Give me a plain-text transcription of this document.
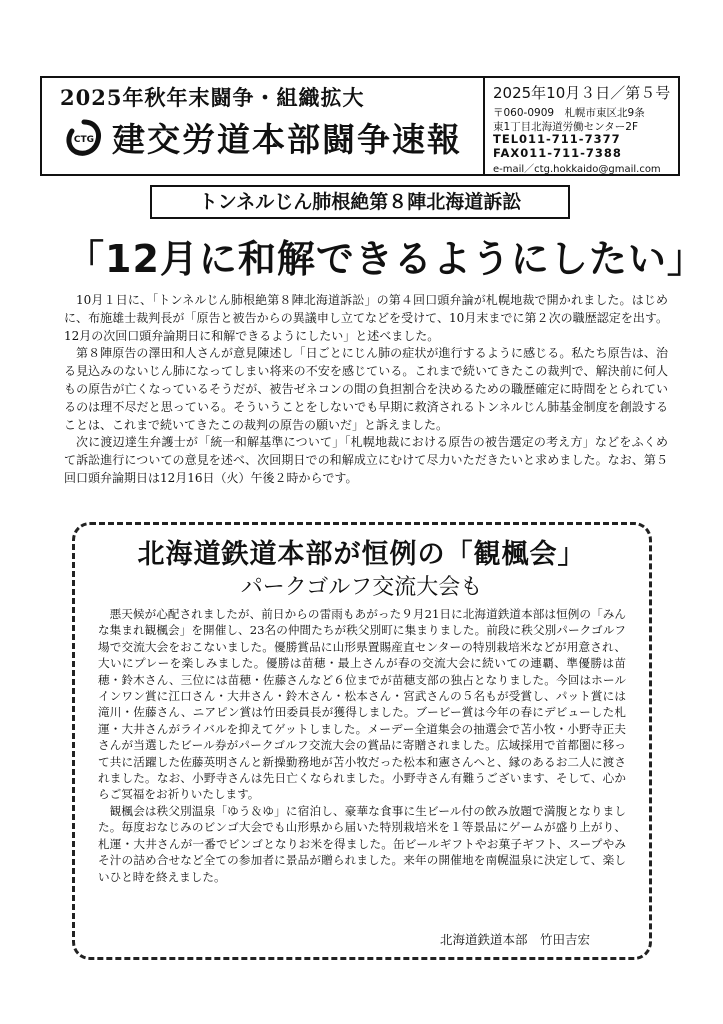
2025年秋年末闘争・組織拡大
CTG 建交労道本部闘争速報
2025年10月３日／第５号
〒060-0909　札幌市東区北9条
東1丁目北海道労働センター2F
TEL011-711-7377
FAX011-711-7388
e-mail／ctg.hokkaido@gmail.com
トンネルじん肺根絶第８陣北海道訴訟
「12月に和解できるようにしたい」

10月１日に、「トンネルじん肺根絶第８陣北海道訴訟」の第４回口頭弁論が札幌地裁で開かれました。はじめに、布施雄士裁判長が「原告と被告からの異議申し立てなどを受けて、10月末までに第２次の職歴認定を出す。12月の次回口頭弁論期日に和解できるようにしたい」と述べました。

第８陣原告の澤田和人さんが意見陳述し「日ごとにじん肺の症状が進行するように感じる。私たち原告は、治る見込みのないじん肺になってしまい将来の不安を感じている。これまで続いてきたこの裁判で、解決前に何人もの原告が亡くなっているそうだが、被告ゼネコンの間の負担割合を決めるための職歴確定に時間をとられているのは理不尽だと思っている。そういうことをしないでも早期に救済されるトンネルじん肺基金制度を創設することは、これまで続いてきたこの裁判の原告の願いだ」と訴えました。

次に渡辺達生弁護士が「統一和解基準について」「札幌地裁における原告の被告選定の考え方」などをふくめて訴訟進行についての意見を述べ、次回期日での和解成立にむけて尽力いただきたいと求めました。なお、第５回口頭弁論期日は12月16日（火）午後２時からです。

北海道鉄道本部が恒例の「観楓会」
パークゴルフ交流大会も

悪天候が心配されましたが、前日からの雷雨もあがった９月21日に北海道鉄道本部は恒例の「みんな集まれ観楓会」を開催し、23名の仲間たちが秩父別町に集まりました。前段に秩父別パークゴルフ場で交流大会をおこないました。優勝賞品に山形県置賜産直センターの特別栽培米などが用意され、大いにプレーを楽しみました。優勝は苗穂・最上さんが春の交流大会に続いての連覇、準優勝は苗穂・鈴木さん、三位には苗穂・佐藤さんなど６位までが苗穂支部の独占となりました。今回はホールインワン賞に江口さん・大井さん・鈴木さん・松本さん・宮武さんの５名もが受賞し、パット賞には滝川・佐藤さん、ニアピン賞は竹田委員長が獲得しました。ブービー賞は今年の春にデビューした札運・大井さんがライバルを抑えてゲットしました。メーデー全道集会の抽選会で苫小牧・小野寺正夫さんが当選したビール券がパークゴルフ交流大会の賞品に寄贈されました。広域採用で首都圏に移って共に活躍した佐藤英明さんと新操勤務地が苫小牧だった松本和憲さんへと、縁のあるお二人に渡されました。なお、小野寺さんは先日亡くなられました。小野寺さん有難うございます、そして、心からご冥福をお祈りいたします。

観楓会は秩父別温泉「ゆう＆ゆ」に宿泊し、豪華な食事に生ビール付の飲み放題で満腹となりました。毎度おなじみのビンゴ大会でも山形県から届いた特別栽培米を１等景品にゲームが盛り上がり、札運・大井さんが一番でビンゴとなりお米を得ました。缶ビールギフトやお菓子ギフト、スープやみそ汁の詰め合せなど全ての参加者に景品が贈られました。来年の開催地を南幌温泉に決定して、楽しいひと時を終えました。

北海道鉄道本部　竹田吉宏
